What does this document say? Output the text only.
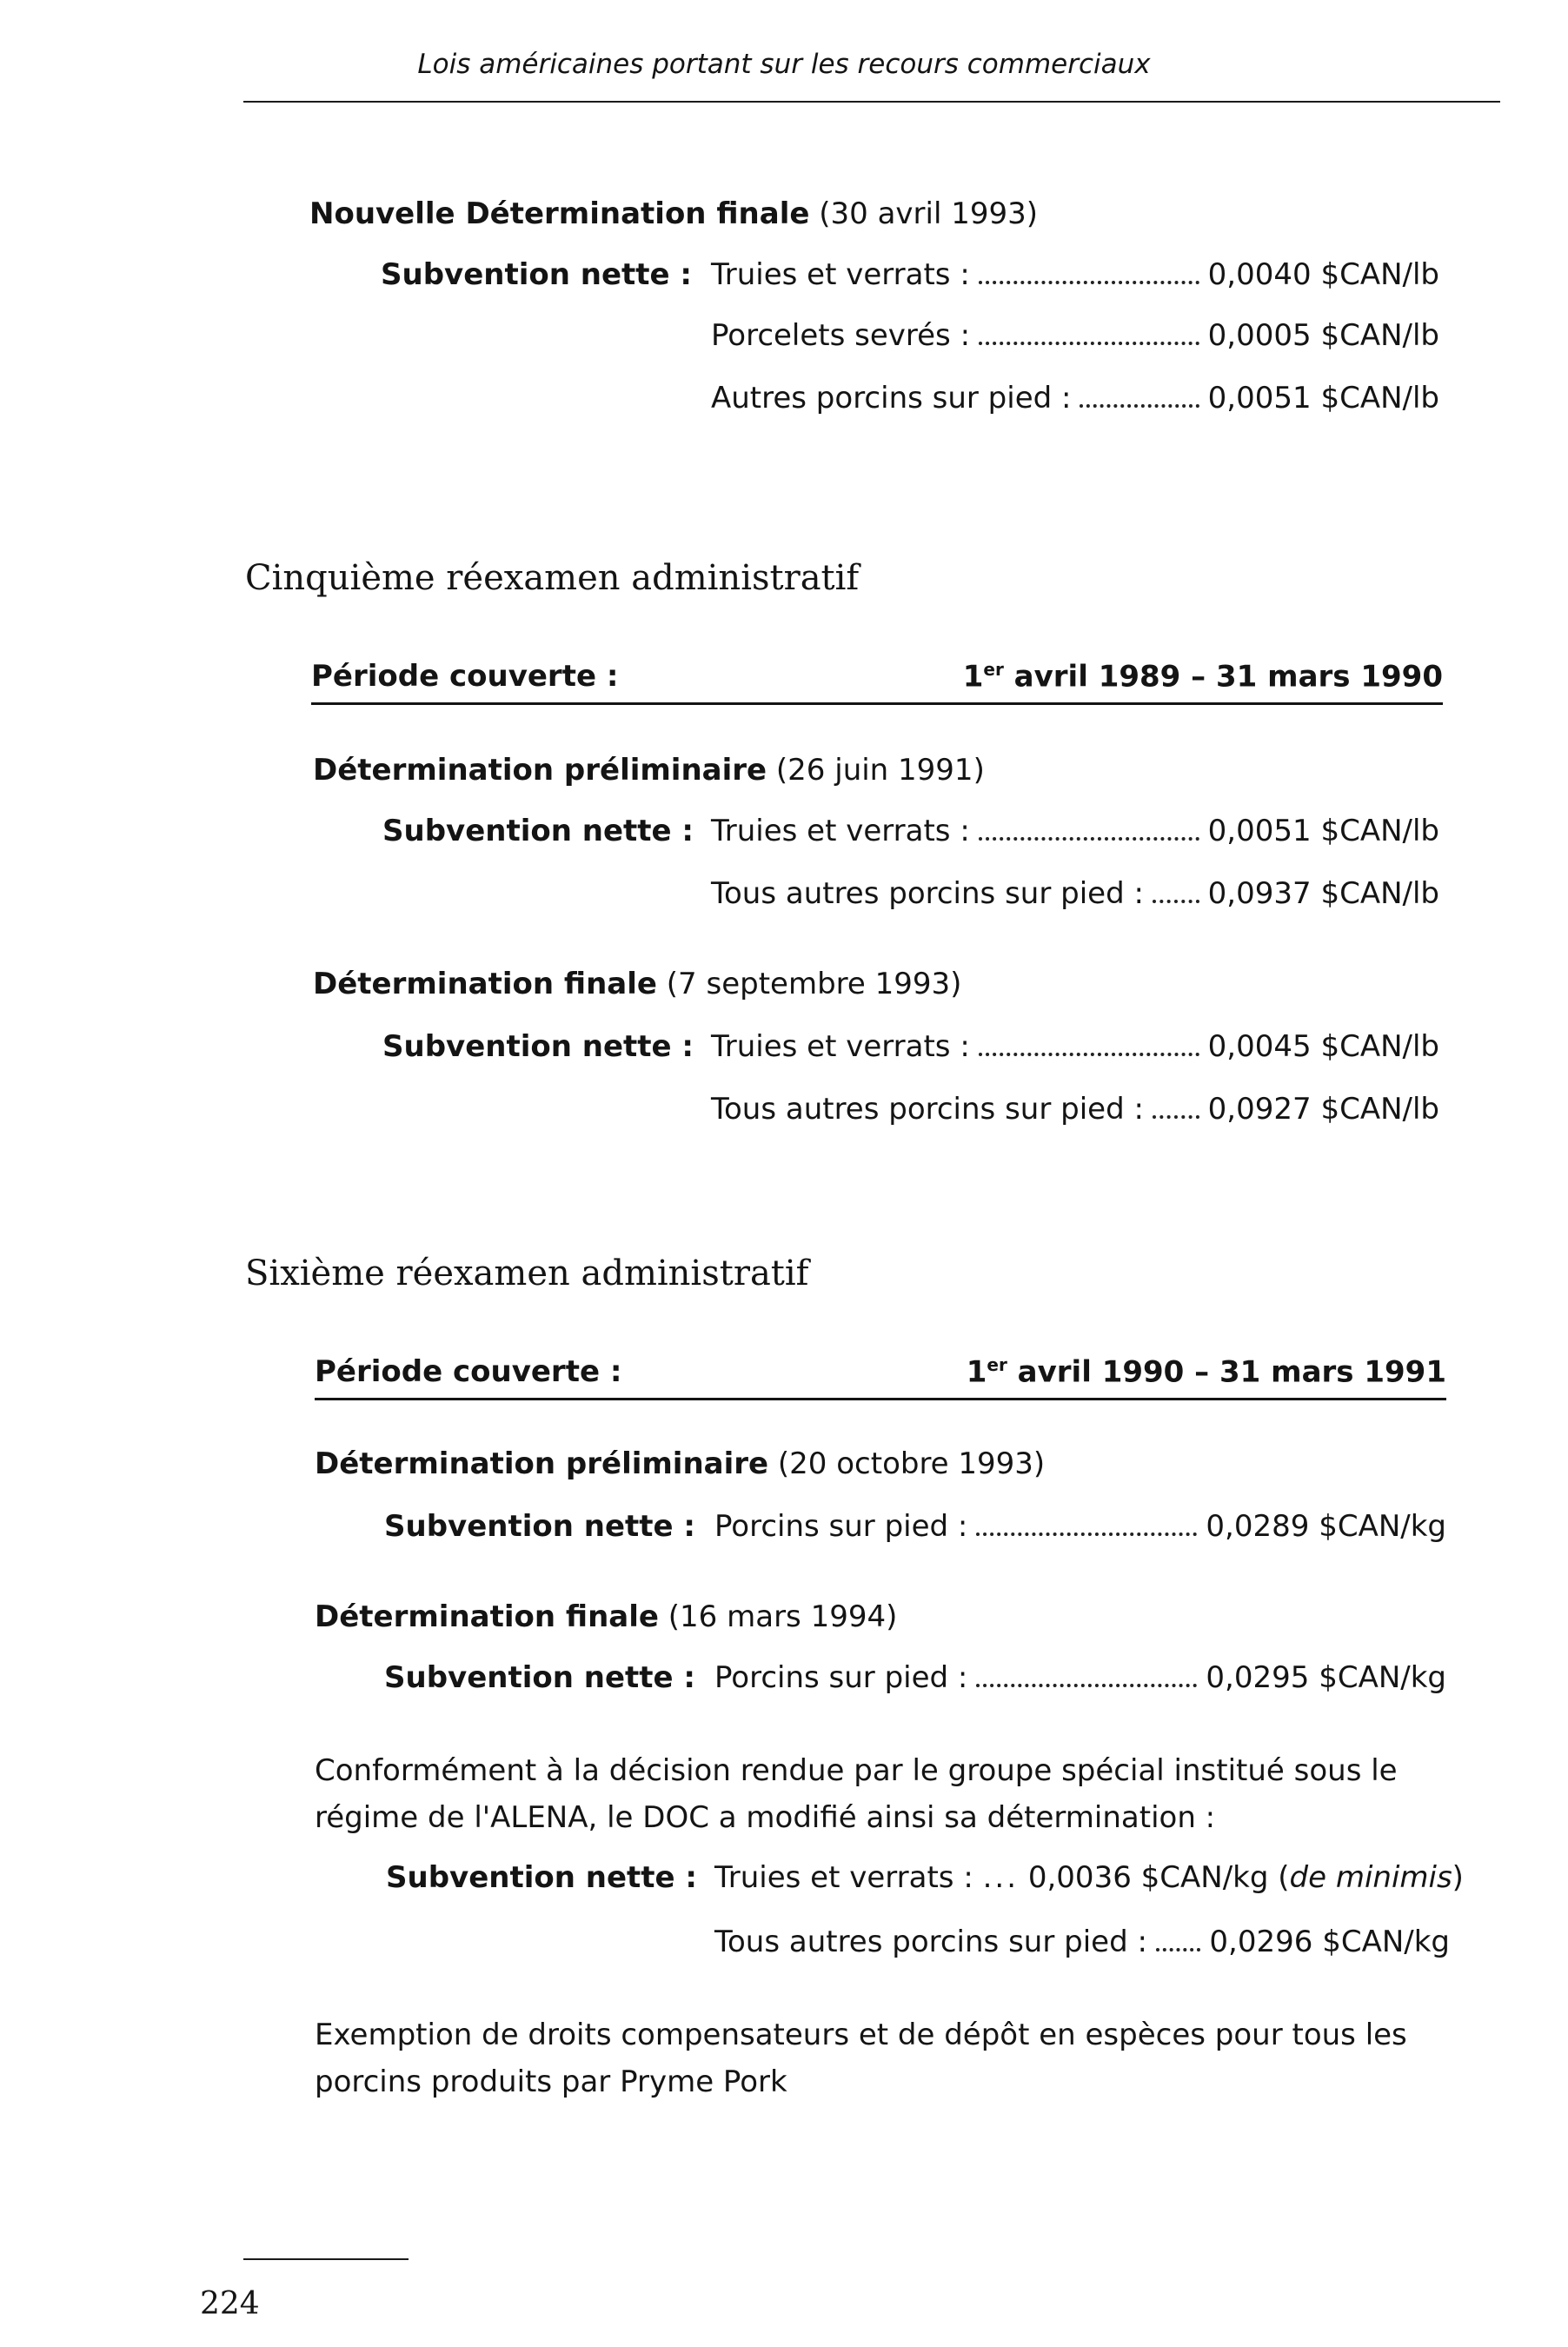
Lois américaines portant sur les recours commerciaux
Nouvelle Détermination finale (30 avril 1993)
Subvention nette : Truies et verrats :	0,0040 $CAN/lb
Porcelets sevrés :	0,0005 $CAN/lb
Autres porcins sur pied :	0,0051 $CAN/lb
Cinquième réexamen administratif
Période couverte :	1er avril 1989 – 31 mars 1990
Détermination préliminaire (26 juin 1991)
Subvention nette : Truies et verrats :	0,0051 $CAN/lb
Tous autres porcins sur pied : 0,0937 $CAN/lb
Détermination finale (7 septembre 1993)
Subvention nette : Truies et verrats :	0,0045 $CAN/lb
Tous autres porcins sur pied : 0,0927 $CAN/lb
Sixième réexamen administratif
Période couverte :	1er avril 1990 – 31 mars 1991
Détermination préliminaire (20 octobre 1993)
Subvention nette : Porcins sur pied :	0,0289 $CAN/kg
Détermination finale (16 mars 1994)
Subvention nette : Porcins sur pied :	0,0295 $CAN/kg
Conformément à la décision rendue par le groupe spécial institué sous le régime de l'ALENA, le DOC a modifié ainsi sa détermination :
Subvention nette : Truies et verrats : ... 0,0036 $CAN/kg (de minimis)
Tous autres porcins sur pied : 0,0296 $CAN/kg
Exemption de droits compensateurs et de dépôt en espèces pour tous les porcins produits par Pryme Pork
224
